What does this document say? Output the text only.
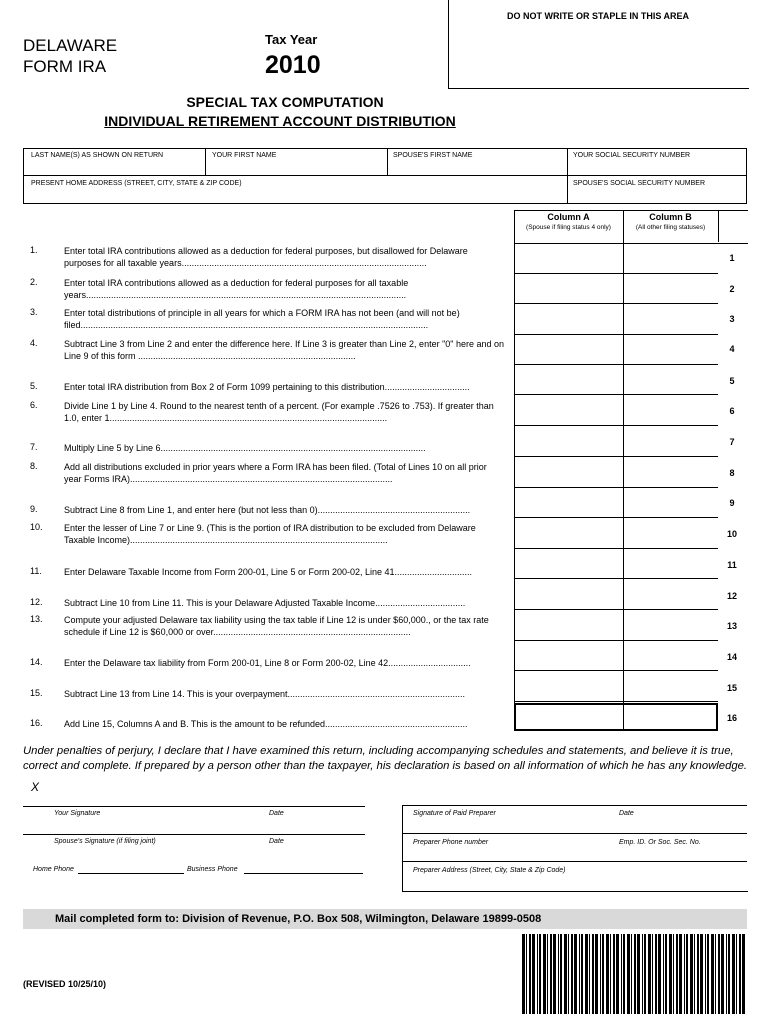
DO NOT WRITE OR STAPLE IN THIS AREA
DELAWARE
FORM IRA
Tax Year
2010
SPECIAL TAX COMPUTATION
INDIVIDUAL RETIREMENT ACCOUNT DISTRIBUTION
LAST NAME(S) AS SHOWN ON RETURN	YOUR FIRST NAME	SPOUSE'S FIRST NAME	YOUR SOCIAL SECURITY NUMBER
PRESENT HOME ADDRESS (STREET, CITY, STATE & ZIP CODE)	SPOUSE'S SOCIAL SECURITY NUMBER
Column A
(Spouse if filing status 4 only)
Column B
(All other filing statuses)
1.	Enter total IRA contributions allowed as a deduction for federal purposes, but disallowed for Delaware purposes for all taxable years..................................................................................................	1
2.	Enter total IRA contributions allowed as a deduction for federal purposes for all taxable years................................................................................................................................
2
3.	Enter total distributions of principle in all years for which a FORM IRA has not been (and will not be) filed...........................................................................................................................................
3
4.	Subtract Line 3 from Line 2 and enter the difference here. If Line 3 is greater than Line 2, enter "0" here and on Line 9 of this form .......................................................................................
4
5.	Enter total IRA distribution from Box 2 of Form 1099 pertaining to this distribution..................................
5
6.	Divide Line 1 by Line 4. Round to the nearest tenth of a percent. (For example .7526 to .753). If greater than 1.0, enter 1...............................................................................................................
6
7.	Multiply Line 5 by Line 6..........................................................................................................
7
8.	Add all distributions excluded in prior years where a Form IRA has been filed. (Total of Lines 10 on all prior year Forms IRA).........................................................................................................
8
9.	Subtract Line 8 from Line 1, and enter here (but not less than 0).............................................................
9
10. Enter the lesser of Line 7 or Line 9. (This is the portion of IRA distribution to be excluded from Delaware Taxable Income).......................................................................................................
10
11. Enter Delaware Taxable Income from Form 200-01, Line 5 or Form 200-02, Line 41...............................
11
12. Subtract Line 10 from Line 11. This is your Delaware Adjusted Taxable Income....................................
12
13. Compute your adjusted Delaware tax liability using the tax table if Line 12 is under $60,000., or the tax rate schedule if Line 12 is $60,000 or over...............................................................................
13
14. Enter the Delaware tax liability from Form 200-01, Line 8 or Form 200-02, Line 42.................................
14
15. Subtract Line 13 from Line 14. This is your overpayment.......................................................................
15
16. Add Line 15, Columns A and B. This is the amount to be refunded.........................................................
16
Under penalties of perjury, I declare that I have examined this return, including accompanying schedules and statements, and believe it is true, correct and complete. If prepared by a person other than the taxpayer, his declaration is based on all information of which he has any knowledge.
X
Your Signature	Date
Spouse's Signature (if filing joint)	Date
Home Phone	Business Phone
Signature of Paid Preparer	Date
Preparer Phone number	Emp. ID. Or Soc. Sec. No.
Preparer Address (Street, City, State & Zip Code)
Mail completed form to: Division of Revenue, P.O. Box 508, Wilmington, Delaware 19899-0508
(REVISED 10/25/10)
